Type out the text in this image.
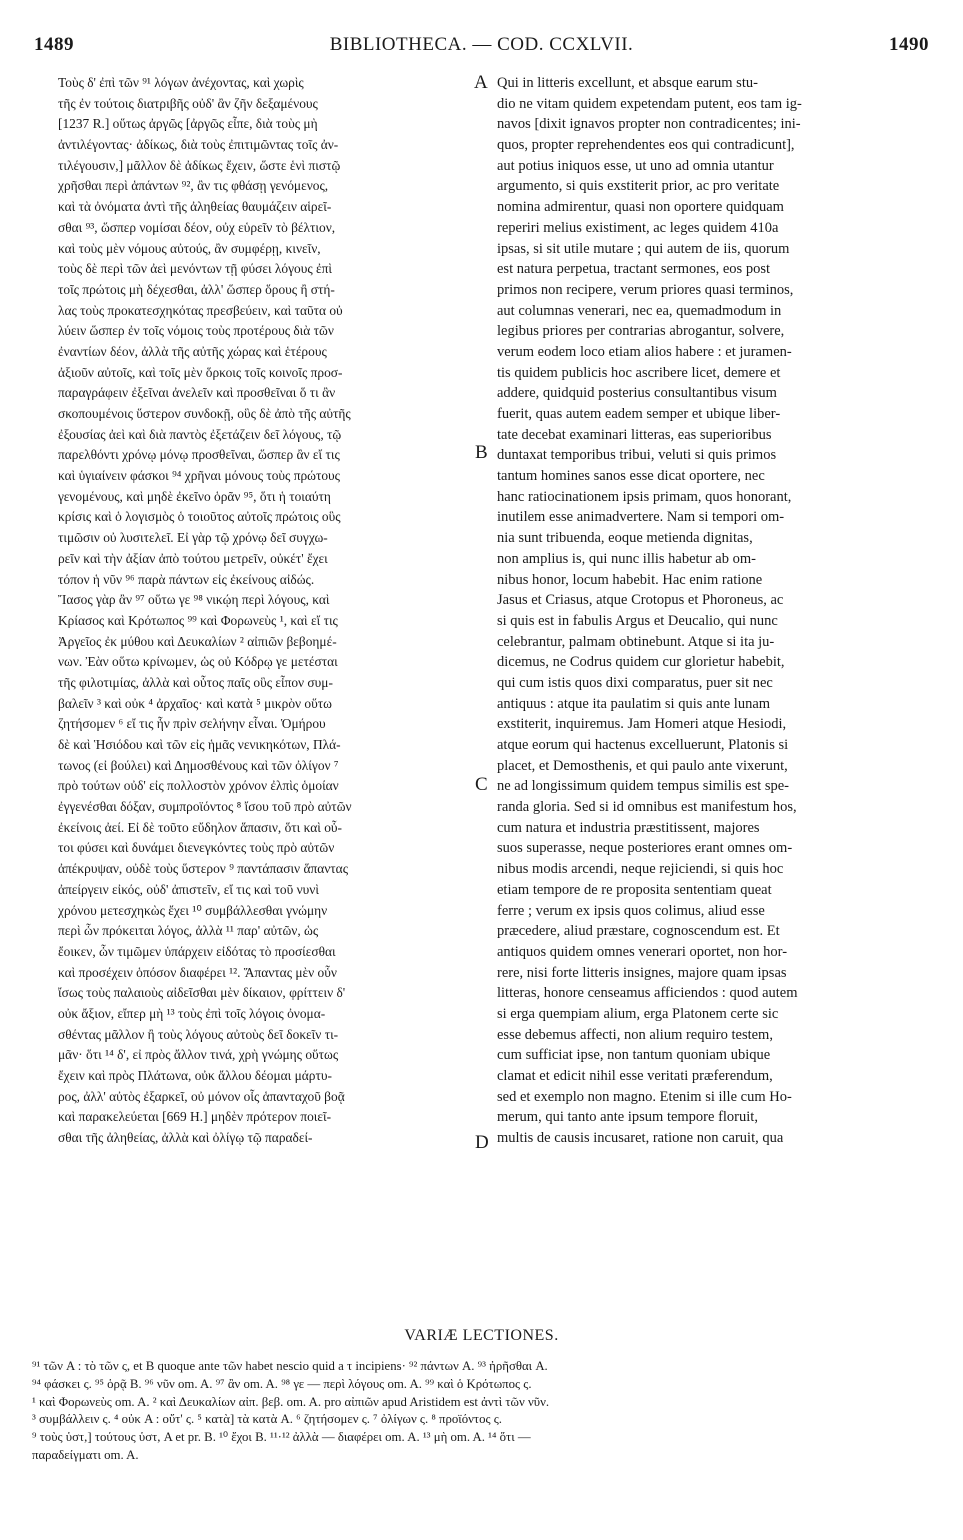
1489	BIBLIOTHECA. — COD. CCXLVII.	1490
Τοὺς δ' ἐπὶ τῶν ⁹¹ λόγων ἀνέχοντας, καὶ χωρὶς
τῆς ἐν τούτοις διατριβῆς οὐδ' ἂν ζῆν δεξαμένους
[1237 R.] οὕτως ἀργῶς [ἀργῶς εἶπε, διὰ τοὺς μὴ
ἀντιλέγοντας· ἀδίκως, διὰ τοὺς ἐπιτιμῶντας τοῖς ἀν-
τιλέγουσιν,] μᾶλλον δὲ ἀδίκως ἔχειν, ὥστε ἑνὶ πιστῷ
χρῆσθαι περὶ ἁπάντων ⁹², ἂν τις φθάσῃ γενόμενος,
καὶ τὰ ὀνόματα ἀντὶ τῆς ἀληθείας θαυμάζειν αἱρεῖ-
σθαι ⁹³, ὥσπερ νομίσαι δέον, οὐχ εὑρεῖν τὸ βέλτιον,
καὶ τοὺς μὲν νόμους αὐτούς, ἂν συμφέρῃ, κινεῖν,
τοὺς δὲ περὶ τῶν ἀεὶ μενόντων τῇ φύσει λόγους ἐπὶ
τοῖς πρώτοις μὴ δέχεσθαι, ἀλλ' ὥσπερ ὅρους ἢ στή-
λας τοὺς προκατεσχηκότας πρεσβεύειν, καὶ ταῦτα οὐ
λύειν ὥσπερ ἐν τοῖς νόμοις τοὺς προτέρους διὰ τῶν
ἐναντίων δέον, ἀλλὰ τῆς αὐτῆς χώρας καὶ ἑτέρους
ἀξιοῦν αὐτοῖς, καὶ τοῖς μὲν ὅρκοις τοῖς κοινοῖς προσ-
παραγράφειν ἐξεῖναι ἀνελεῖν καὶ προσθεῖναι ὅ τι ἂν
σκοπουμένοις ὕστερον συνδοκῇ, οὓς δὲ ἀπὸ τῆς αὐτῆς
ἐξουσίας ἀεὶ καὶ διὰ παντὸς ἐξετάζειν δεῖ λόγους, τῷ
παρελθόντι χρόνῳ μόνῳ προσθεῖναι, ὥσπερ ἂν εἴ τις
καὶ ὑγιαίνειν φάσκοι ⁹⁴ χρῆναι μόνους τοὺς πρώτους
γενομένους, καὶ μηδὲ ἐκεῖνο ὁρᾶν ⁹⁵, ὅτι ἡ τοιαύτη
κρίσις καὶ ὁ λογισμὸς ὁ τοιοῦτος αὐτοῖς πρώτοις οὓς
τιμῶσιν οὐ λυσιτελεῖ. Εἰ γὰρ τῷ χρόνῳ δεῖ συγχω-
ρεῖν καὶ τὴν ἀξίαν ἀπὸ τούτου μετρεῖν, οὐκέτ' ἔχει
τόπον ἡ νῦν ⁹⁶ παρὰ πάντων εἰς ἐκείνους αἰδώς.
Ἴασος γὰρ ἂν ⁹⁷ οὕτω γε ⁹⁸ νικῴη περὶ λόγους, καὶ
Κρίασος καὶ Κρότωπος ⁹⁹ καὶ Φορωνεὺς ¹, καὶ εἴ τις
Ἀργεῖος ἐκ μύθου καὶ Δευκαλίων ² αἰπιῶν βεβοημέ-
νων. Ἐὰν οὕτω κρίνωμεν, ὡς οὐ Κόδρῳ γε μετέσται
τῆς φιλοτιμίας, ἀλλὰ καὶ οὗτος παῖς οὓς εἶπον συμ-
βαλεῖν ³ καὶ οὐκ ⁴ ἀρχαῖος· καὶ κατὰ ⁵ μικρὸν οὕτω
ζητήσομεν ⁶ εἴ τις ἦν πρὶν σελήνην εἶναι. Ὁμήρου
δὲ καὶ Ἡσιόδου καὶ τῶν εἰς ἡμᾶς νενικηκότων, Πλά-
τωνος (εἰ βούλει) καὶ Δημοσθένους καὶ τῶν ὀλίγον ⁷
πρὸ τούτων οὐδ' εἰς πολλοστὸν χρόνον ἐλπὶς ὁμοίαν
ἐγγενέσθαι δόξαν, συμπροϊόντος ⁸ ἴσου τοῦ πρὸ αὐτῶν
ἐκείνοις ἀεί. Εἰ δὲ τοῦτο εὔδηλον ἅπασιν, ὅτι καὶ οὗ-
τοι φύσει καὶ δυνάμει διενεγκόντες τοὺς πρὸ αὐτῶν
ἀπέκρυψαν, οὐδὲ τοὺς ὕστερον ⁹ παντάπασιν ἅπαντας
ἀπείργειν εἰκός, οὐδ' ἀπιστεῖν, εἴ τις καὶ τοῦ νυνὶ
χρόνου μετεσχηκὼς ἔχει ¹⁰ συμβάλλεσθαι γνώμην
περὶ ὧν πρόκειται λόγος, ἀλλὰ ¹¹ παρ' αὐτῶν, ὡς
ἔοικεν, ὧν τιμῶμεν ὑπάρχειν εἰδότας τὸ προσίεσθαι
καὶ προσέχειν ὁπόσον διαφέρει ¹². Ἅπαντας μὲν οὖν
ἴσως τοὺς παλαιοὺς αἰδεῖσθαι μὲν δίκαιον, φρίττειν δ'
οὐκ ἄξιον, εἴπερ μὴ ¹³ τοὺς ἐπὶ τοῖς λόγοις ὀνομα-
σθέντας μᾶλλον ἢ τοὺς λόγους αὐτοὺς δεῖ δοκεῖν τι-
μᾶν· ὅτι ¹⁴ δ', εἰ πρὸς ἄλλον τινά, χρὴ γνώμης οὕτως
ἔχειν καὶ πρὸς Πλάτωνα, οὐκ ἄλλου δέομαι μάρτυ-
ρος, ἀλλ' αὐτὸς ἐξαρκεῖ, οὐ μόνον οἷς ἁπανταχοῦ βοᾷ
καὶ παρακελεύεται [669 H.] μηδὲν πρότερον ποιεῖ-
σθαι τῆς ἀληθείας, ἀλλὰ καὶ ὀλίγῳ τῷ παραδεί-
Qui in litteris excellunt, et absque earum stu-
dio ne vitam quidem expetendam putent, eos tam ig-
navos [dixit ignavos propter non contradicentes; ini-
quos, propter reprehendentes eos qui contradicunt],
aut potius iniquos esse, ut uno ad omnia utantur
argumento, si quis exstiterit prior, ac pro veritate
nomina admirentur, quasi non oportere quidquam
reperiri melius existiment, ac leges quidem 410a
ipsas, si sit utile mutare ; qui autem de iis, quorum
est natura perpetua, tractant sermones, eos post
primos non recipere, verum priores quasi terminos,
aut columnas venerari, nec ea, quemadmodum in
legibus priores per contrarias abrogantur, solvere,
verum eodem loco etiam alios habere : et juramen-
tis quidem publicis hoc ascribere licet, demere et
addere, quidquid posterius consultantibus visum
fuerit, quas autem eadem semper et ubique liber-
tate decebat examinari litteras, eas superioribus
duntaxat temporibus tribui, veluti si quis primos
tantum homines sanos esse dicat oportere, nec
hanc ratiocinationem ipsis primam, quos honorant,
inutilem esse animadvertere. Nam si tempori om-
nia sunt tribuenda, eoque metienda dignitas,
non amplius is, qui nunc illis habetur ab om-
nibus honor, locum habebit. Hac enim ratione
Jasus et Criasus, atque Crotopus et Phoroneus, ac
si quis est in fabulis Argus et Deucalio, qui nunc
celebrantur, palmam obtinebunt. Atque si ita ju-
dicemus, ne Codrus quidem cur glorietur habebit,
qui cum istis quos dixi comparatus, puer sit nec
antiquus : atque ita paulatim si quis ante lunam
exstiterit, inquiremus. Jam Homeri atque Hesiodi,
atque eorum qui hactenus excelluerunt, Platonis si
placet, et Demosthenis, et qui paulo ante vixerunt,
ne ad longissimum quidem tempus similis est spe-
randa gloria. Sed si id omnibus est manifestum hos,
cum natura et industria præstitissent, majores
suos superasse, neque posteriores erant omnes om-
nibus modis arcendi, neque rejiciendi, si quis hoc
etiam tempore de re proposita sententiam queat
ferre ; verum ex ipsis quos colimus, aliud esse
præcedere, aliud præstare, cognoscendum est. Et
antiquos quidem omnes venerari oportet, non hor-
rere, nisi forte litteris insignes, majore quam ipsas
litteras, honore censeamus afficiendos : quod autem
si erga quempiam alium, erga Platonem certe sic
esse debemus affecti, non alium requiro testem,
cum sufficiat ipse, non tantum quoniam ubique
clamat et edicit nihil esse veritati præferendum,
sed et exemplo non magno. Etenim si ille cum Ho-
merum, qui tanto ante ipsum tempore floruit,
multis de causis incusaret, ratione non caruit, qua
A
B
C
D
VARIÆ LECTIONES.
⁹¹ τῶν A : τὸ τῶν ς, et B quoque ante τῶν habet nescio quid a τ incipiens· ⁹² πάντων A. ⁹³ ἠρῆσθαι A.
⁹⁴ φάσκει ς. ⁹⁵ ὁρᾷ B. ⁹⁶ νῦν om. A. ⁹⁷ ἂν om. A. ⁹⁸ γε — περὶ λόγους om. A. ⁹⁹ καὶ ὁ Κρότωπος ς.
¹ καὶ Φορωνεὺς om. A. ² καὶ Δευκαλίων αἰπ. βεβ. om. A. pro αἰπιῶν apud Aristidem est ἀντὶ τῶν νῦν.
³ συμβάλλειν ς. ⁴ οὐκ A : οὔτ' ς. ⁵ κατὰ] τὰ κατὰ A. ⁶ ζητήσομεν ς. ⁷ ὀλίγων ς. ⁸ προϊόντος ς.
⁹ τοὺς ὑστ,] τούτους ὑστ, A et pr. B. ¹⁰ ἔχοι B. ¹¹·¹² ἀλλὰ — διαφέρει om. A. ¹³ μὴ om. A. ¹⁴ ὅτι —
παραδείγματι om. A.
